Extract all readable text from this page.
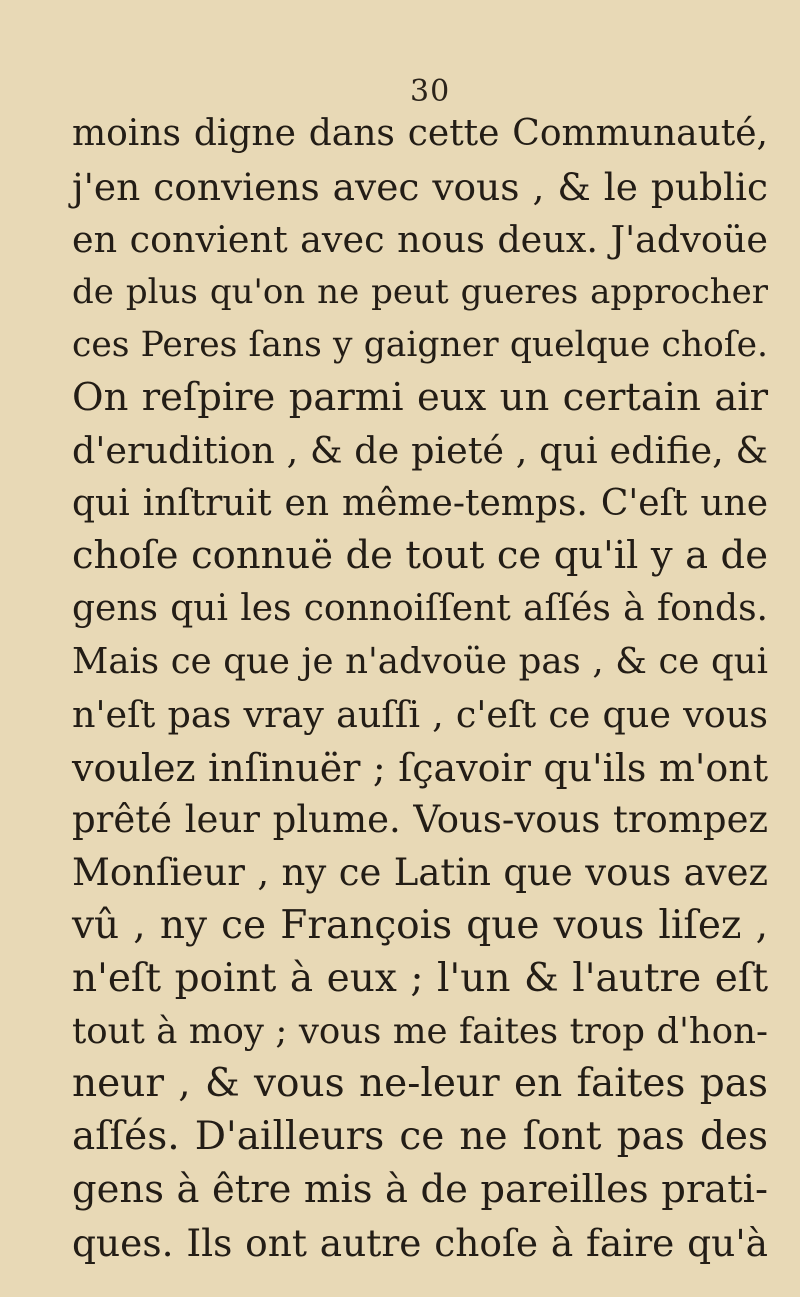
30
moins digne dans cette Communauté,
j'en conviens avec vous , & le public
en convient avec nous deux. J'advoüe
de plus qu'on ne peut gueres approcher
ces Peres ſans y gaigner quelque choſe.
On reſpire parmi eux un certain air
d'erudition , & de pieté , qui edifie, &
qui inſtruit en même-temps. C'eſt une
choſe connuë de tout ce qu'il y a de
gens qui les connoiſſent aſſés à fonds.
Mais ce que je n'advoüe pas , & ce qui
n'eſt pas vray auſſi , c'eſt ce que vous
voulez inſinuër ; ſçavoir qu'ils m'ont
prêté leur plume. Vous-vous trompez
Monſieur , ny ce Latin que vous avez
vû , ny ce François que vous liſez ,
n'eſt point à eux ; l'un & l'autre eſt
tout à moy ; vous me faites trop d'hon-
neur , & vous ne-leur en faites pas
aſſés. D'ailleurs ce ne ſont pas des
gens à être mis à de pareilles prati-
ques. Ils ont autre choſe à faire qu'à
